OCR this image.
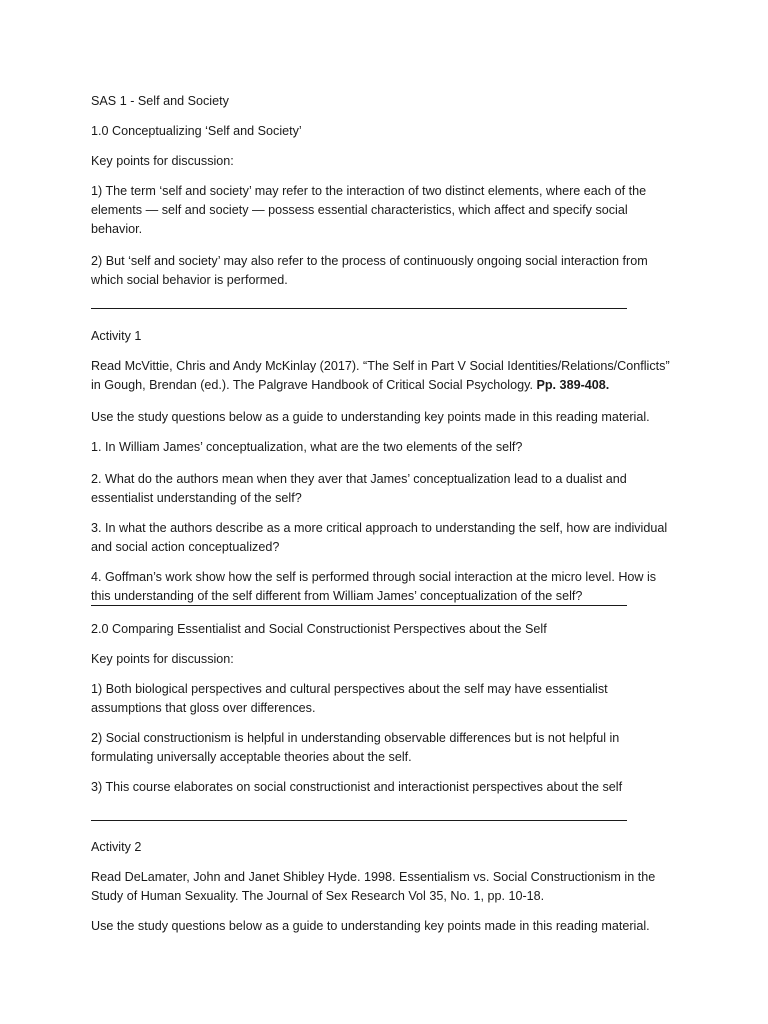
SAS 1 - Self and Society

1.0 Conceptualizing ‘Self and Society’

Key points for discussion:

1) The term ‘self and society’ may refer to the interaction of two distinct elements, where each of the elements — self and society — possess essential characteristics, which affect and specify social behavior.

2) But ‘self and society’ may also refer to the process of continuously ongoing social interaction from which social behavior is performed.

Activity 1

Read McVittie, Chris and Andy McKinlay (2017). “The Self in Part V Social Identities/Relations/Conflicts” in Gough, Brendan (ed.). The Palgrave Handbook of Critical Social Psychology. Pp. 389-408.

Use the study questions below as a guide to understanding key points made in this reading material.

1. In William James’ conceptualization, what are the two elements of the self?

2. What do the authors mean when they aver that James’ conceptualization lead to a dualist and essentialist understanding of the self?

3. In what the authors describe as a more critical approach to understanding the self, how are individual and social action conceptualized?

4. Goffman’s work show how the self is performed through social interaction at the micro level. How is this understanding of the self different from William James’ conceptualization of the self?

2.0 Comparing Essentialist and Social Constructionist Perspectives about the Self

Key points for discussion:

1) Both biological perspectives and cultural perspectives about the self may have essentialist assumptions that gloss over differences.

2) Social constructionism is helpful in understanding observable differences but is not helpful in formulating universally acceptable theories about the self.

3) This course elaborates on social constructionist and interactionist perspectives about the self

Activity 2

Read DeLamater, John and Janet Shibley Hyde. 1998. Essentialism vs. Social Constructionism in the Study of Human Sexuality. The Journal of Sex Research Vol 35, No. 1, pp. 10-18.

Use the study questions below as a guide to understanding key points made in this reading material.
